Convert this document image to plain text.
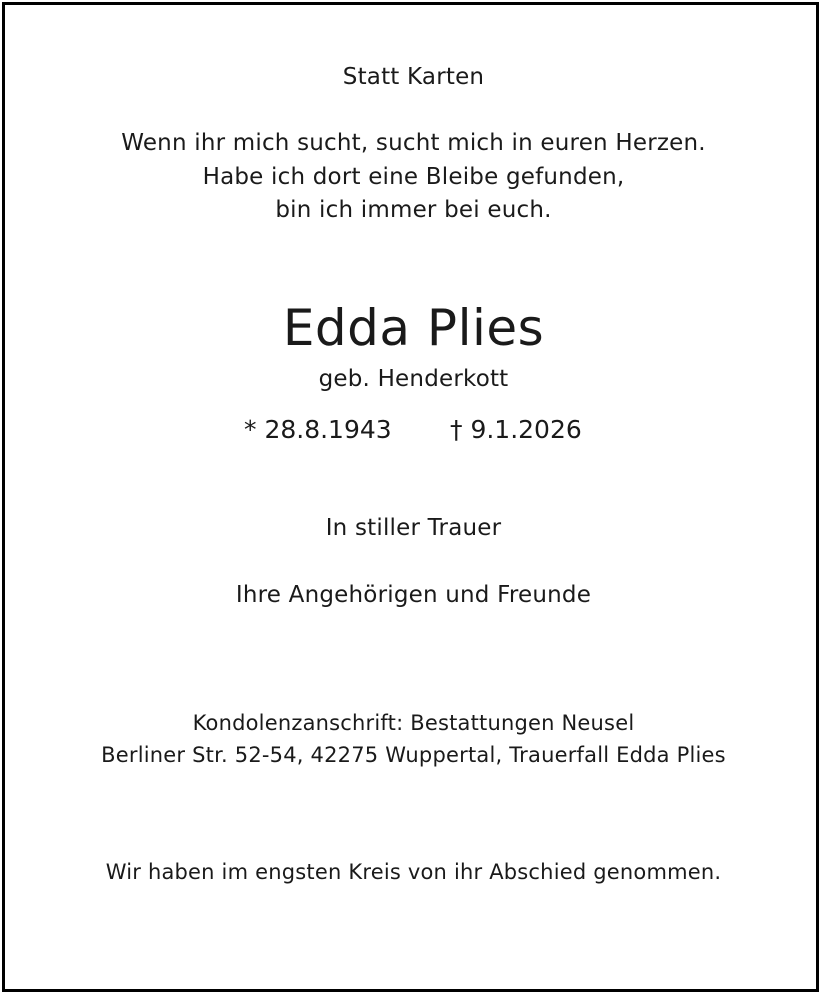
Statt Karten
Wenn ihr mich sucht, sucht mich in euren Herzen.
Habe ich dort eine Bleibe gefunden,
bin ich immer bei euch.
Edda Plies
geb. Henderkott
* 28.8.1943 † 9.1.2026
In stiller Trauer
Ihre Angehörigen und Freunde
Kondolenzanschrift: Bestattungen Neusel
Berliner Str. 52-54, 42275 Wuppertal, Trauerfall Edda Plies
Wir haben im engsten Kreis von ihr Abschied genommen.
